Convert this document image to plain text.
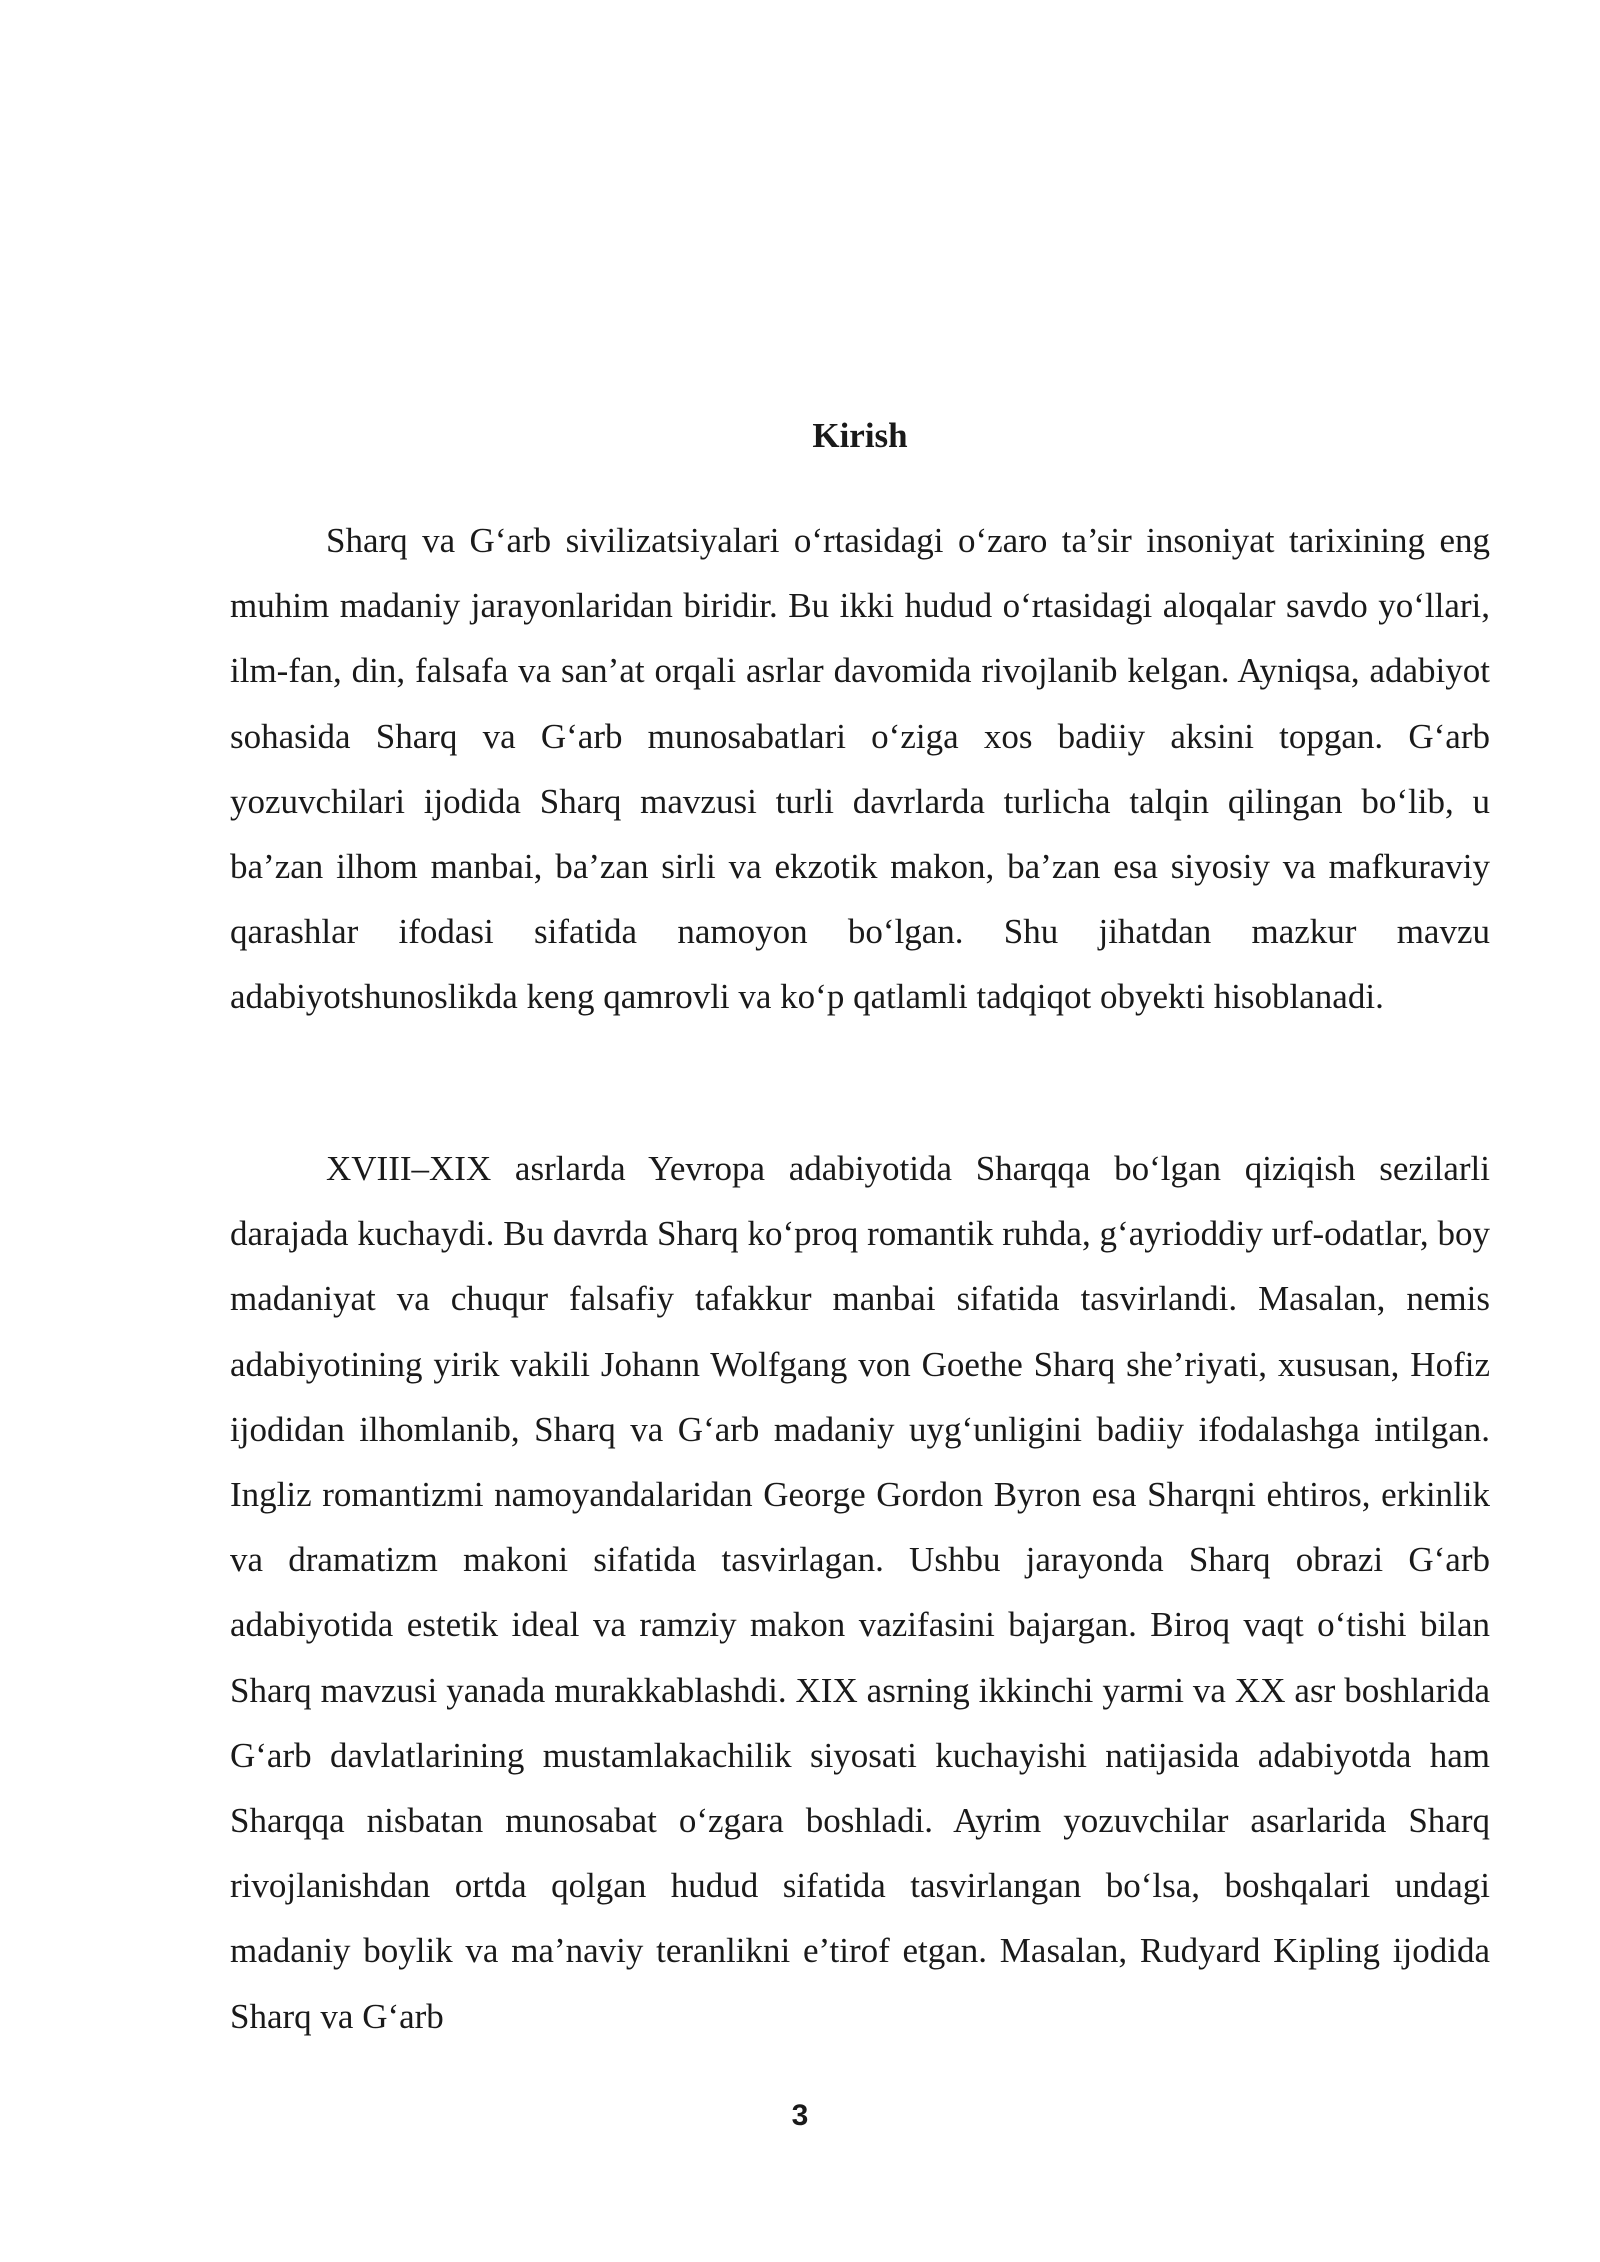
Kirish

Sharq va G‘arb sivilizatsiyalari o‘rtasidagi o‘zaro ta’sir insoniyat tarixining eng muhim madaniy jarayonlaridan biridir. Bu ikki hudud o‘rtasidagi aloqalar savdo yo‘llari, ilm-fan, din, falsafa va san’at orqali asrlar davomida rivojlanib kelgan. Ayniqsa, adabiyot sohasida Sharq va G‘arb munosabatlari o‘ziga xos badiiy aksini topgan. G‘arb yozuvchilari ijodida Sharq mavzusi turli davrlarda turlicha talqin qilingan bo‘lib, u ba’zan ilhom manbai, ba’zan sirli va ekzotik makon, ba’zan esa siyosiy va mafkuraviy qarashlar ifodasi sifatida namoyon bo‘lgan. Shu jihatdan mazkur mavzu adabiyotshunoslikda keng qamrovli va ko‘p qatlamli tadqiqot obyekti hisoblanadi.

XVIII–XIX asrlarda Yevropa adabiyotida Sharqqa bo‘lgan qiziqish sezilarli darajada kuchaydi. Bu davrda Sharq ko‘proq romantik ruhda, g‘ayrioddiy urf-odatlar, boy madaniyat va chuqur falsafiy tafakkur manbai sifatida tasvirlandi. Masalan, nemis adabiyotining yirik vakili Johann Wolfgang von Goethe Sharq she’riyati, xususan, Hofiz ijodidan ilhomlanib, Sharq va G‘arb madaniy uyg‘unligini badiiy ifodalashga intilgan. Ingliz romantizmi namoyandalaridan George Gordon Byron esa Sharqni ehtiros, erkinlik va dramatizm makoni sifatida tasvirlagan. Ushbu jarayonda Sharq obrazi G‘arb adabiyotida estetik ideal va ramziy makon vazifasini bajargan. Biroq vaqt o‘tishi bilan Sharq mavzusi yanada murakkablashdi. XIX asrning ikkinchi yarmi va XX asr boshlarida G‘arb davlatlarining mustamlakachilik siyosati kuchayishi natijasida adabiyotda ham Sharqqa nisbatan munosabat o‘zgara boshladi. Ayrim yozuvchilar asarlarida Sharq rivojlanishdan ortda qolgan hudud sifatida tasvirlangan bo‘lsa, boshqalari undagi madaniy boylik va ma’naviy teranlikni e’tirof etgan. Masalan, Rudyard Kipling ijodida Sharq va G‘arb

3
